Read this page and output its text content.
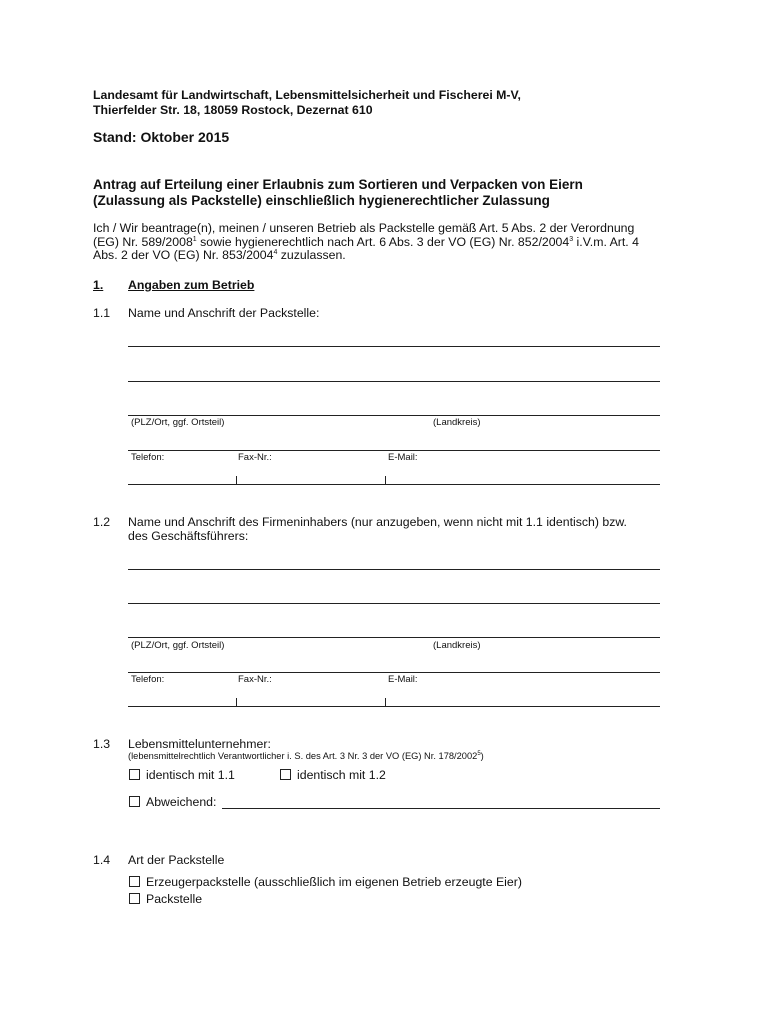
Landesamt für Landwirtschaft, Lebensmittelsicherheit und Fischerei M-V,
Thierfelder Str. 18, 18059 Rostock, Dezernat 610
Stand: Oktober 2015
Antrag auf Erteilung einer Erlaubnis zum Sortieren und Verpacken von Eiern
(Zulassung als Packstelle) einschließlich hygienerechtlicher Zulassung
Ich / Wir beantrage(n), meinen / unseren Betrieb als Packstelle gemäß Art. 5 Abs. 2 der Verordnung
(EG) Nr. 589/2008$^1$ sowie hygienerechtlich nach Art. 6 Abs. 3 der VO (EG) Nr. 852/2004$^3$ i.V.m. Art. 4
Abs. 2 der VO (EG) Nr. 853/2004$^4$ zuzulassen.
1. Angaben zum Betrieb
1.1 Name und Anschrift der Packstelle:
(PLZ/Ort, ggf. Ortsteil)	(Landkreis)
Telefon:	Fax-Nr.:	E-Mail:
1.2 Name und Anschrift des Firmeninhabers (nur anzugeben, wenn nicht mit 1.1 identisch) bzw.
des Geschäftsführers:
(PLZ/Ort, ggf. Ortsteil)	(Landkreis)
Telefon:	Fax-Nr.:	E-Mail:
1.3 Lebensmittelunternehmer:
(lebensmittelrechtlich Verantwortlicher i. S. des Art. 3 Nr. 3 der VO (EG) Nr. 178/2002$^5$)
identisch mit 1.1	identisch mit 1.2
Abweichend:
1.4 Art der Packstelle
Erzeugerpackstelle (ausschließlich im eigenen Betrieb erzeugte Eier)
Packstelle
